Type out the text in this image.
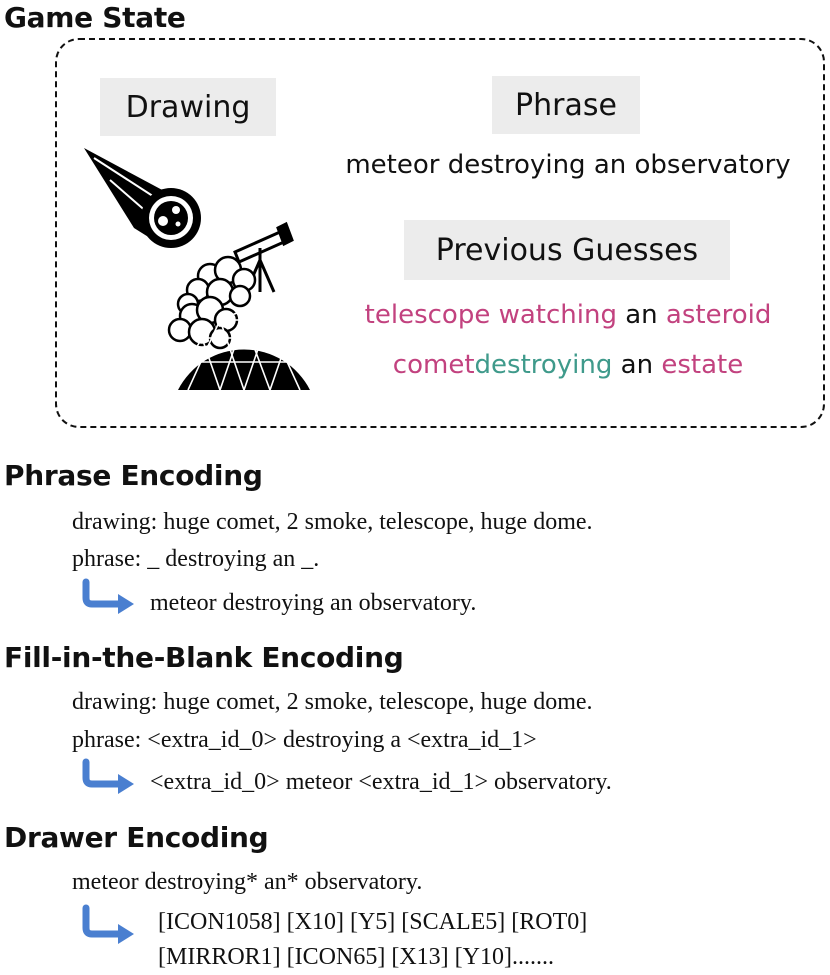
Game State
Drawing	Phrase
meteor destroying an observatory
Previous Guesses
telescope watching an asteroid
cometdestroying an estate
Phrase Encoding
drawing: huge comet, 2 smoke, telescope, huge dome.
phrase: _ destroying an _.
meteor destroying an observatory.
Fill-in-the-Blank Encoding
drawing: huge comet, 2 smoke, telescope, huge dome.
phrase: <extra_id_0> destroying a <extra_id_1>
<extra_id_0> meteor <extra_id_1> observatory.
Drawer Encoding
meteor destroying* an* observatory.
[ICON1058] [X10] [Y5] [SCALE5] [ROT0]
[MIRROR1] [ICON65] [X13] [Y10].......
